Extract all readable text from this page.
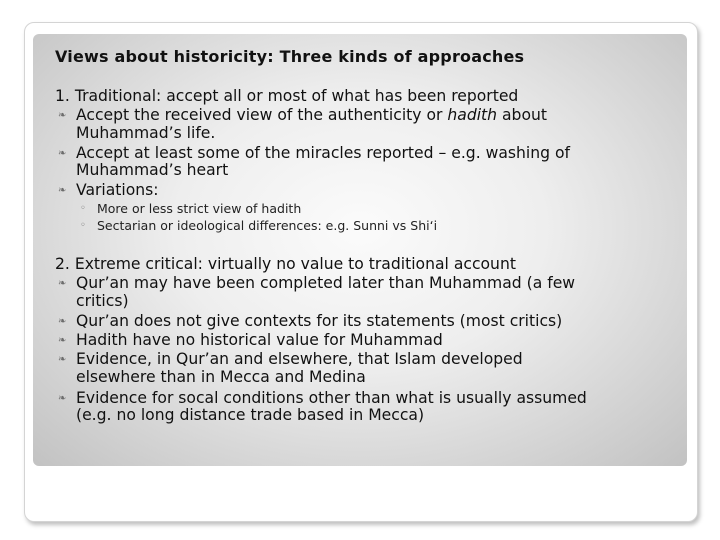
Views about historicity: Three kinds of approaches

1. Traditional: accept all or most of what has been reported

❧ Accept the received view of the authenticity or hadith about

Muhammad’s life.

❧ Accept at least some of the miracles reported – e.g. washing of

Muhammad’s heart

❧ Variations:

◦ More or less strict view of hadith

◦ Sectarian or ideological differences: e.g. Sunni vs Shi‘i

2. Extreme critical: virtually no value to traditional account

❧ Qur’an may have been completed later than Muhammad (a few

critics)

❧ Qur’an does not give contexts for its statements (most critics)

❧ Hadith have no historical value for Muhammad

❧ Evidence, in Qur’an and elsewhere, that Islam developed

elsewhere than in Mecca and Medina

❧ Evidence for socal conditions other than what is usually assumed

(e.g. no long distance trade based in Mecca)
